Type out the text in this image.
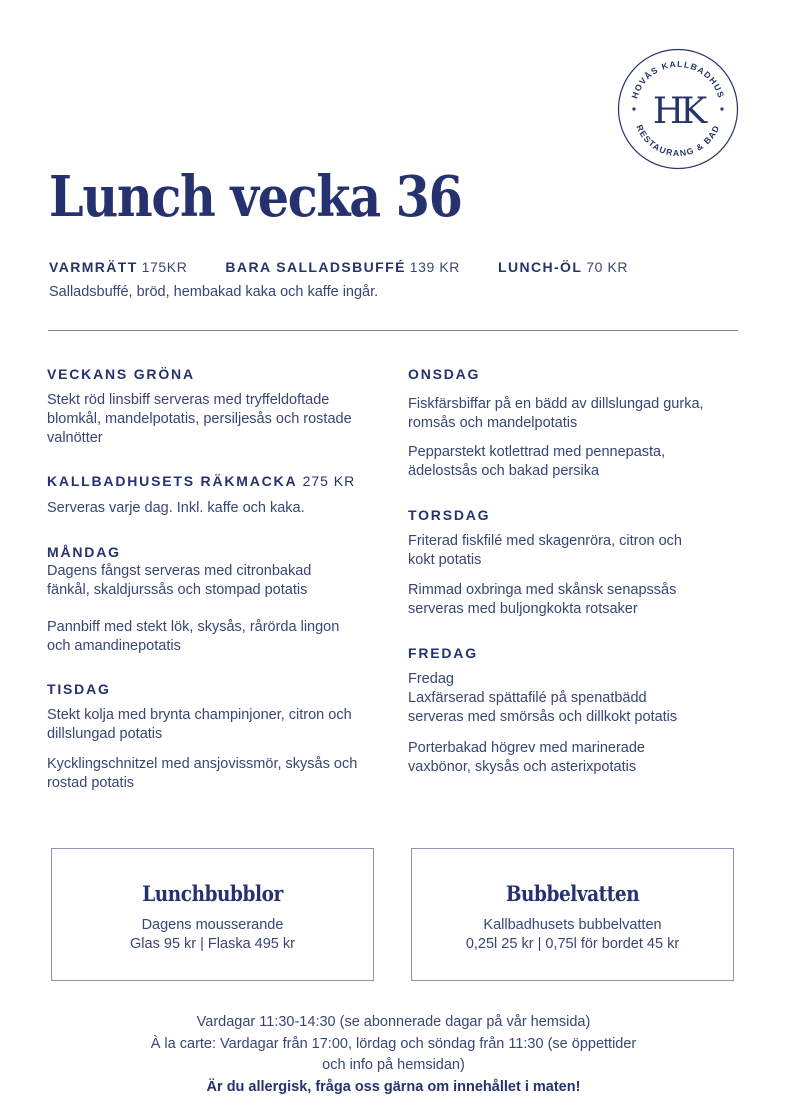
HOVÅS KALLBADHUS
RESTAURANG & BAD
HK
Lunch vecka 36
VARMRÄTT 175KR	BARA SALLADSBUFFÉ 139 KR	LUNCH-ÖL 70 KR
Salladsbuffé, bröd, hembakad kaka och kaffe ingår.
VECKANS GRÖNA
Stekt röd linsbiff serveras med tryffeldoftade
blomkål, mandelpotatis, persiljesås och rostade
valnötter
KALLBADHUSETS RÄKMACKA 275 KR
Serveras varje dag. Inkl. kaffe och kaka.
MÅNDAG
Dagens fångst serveras med citronbakad
fänkål, skaldjurssås och stompad potatis
Pannbiff med stekt lök, skysås, rårörda lingon
och amandinepotatis
TISDAG
Stekt kolja med brynta champinjoner, citron och
dillslungad potatis
Kycklingschnitzel med ansjovissmör, skysås och
rostad potatis
ONSDAG
Fiskfärsbiffar på en bädd av dillslungad gurka,
romsås och mandelpotatis
Pepparstekt kotlettrad med pennepasta,
ädelostsås och bakad persika
TORSDAG
Friterad fiskfilé med skagenröra, citron och
kokt potatis
Rimmad oxbringa med skånsk senapssås
serveras med buljongkokta rotsaker
FREDAG
Fredag
Laxfärserad spättafilé på spenatbädd
serveras med smörsås och dillkokt potatis
Porterbakad högrev med marinerade
vaxbönor, skysås och asterixpotatis
Lunchbubblor
Dagens mousserande
Glas 95 kr | Flaska 495 kr
Bubbelvatten
Kallbadhusets bubbelvatten
0,25l 25 kr | 0,75l för bordet 45 kr
Vardagar 11:30-14:30 (se abonnerade dagar på vår hemsida)
À la carte: Vardagar från 17:00, lördag och söndag från 11:30 (se öppettider
och info på hemsidan)
Är du allergisk, fråga oss gärna om innehållet i maten!
